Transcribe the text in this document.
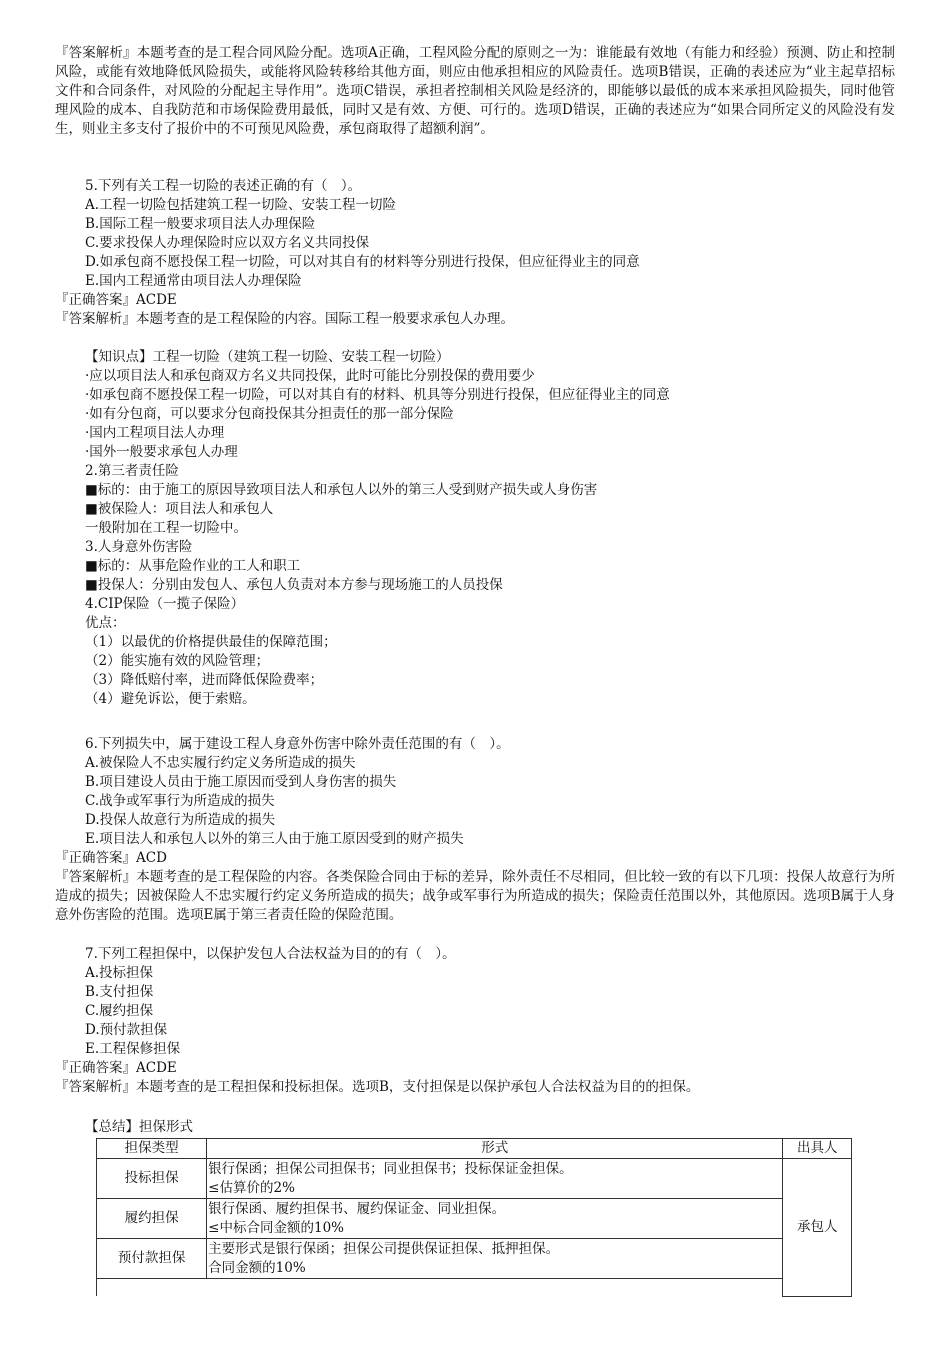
『答案解析』本题考查的是工程合同风险分配。选项A正确，工程风险分配的原则之一为：谁能最有效地（有能力和经验）预测、防止和控制风险，或能有效地降低风险损失，或能将风险转移给其他方面，则应由他承担相应的风险责任。选项B错误，正确的表述应为“业主起草招标文件和合同条件，对风险的分配起主导作用”。选项C错误，承担者控制相关风险是经济的，即能够以最低的成本来承担风险损失，同时他管理风险的成本、自我防范和市场保险费用最低，同时又是有效、方便、可行的。选项D错误，正确的表述应为“如果合同所定义的风险没有发生，则业主多支付了报价中的不可预见风险费，承包商取得了超额利润”。
5.下列有关工程一切险的表述正确的有（　）。
A.工程一切险包括建筑工程一切险、安装工程一切险
B.国际工程一般要求项目法人办理保险
C.要求投保人办理保险时应以双方名义共同投保
D.如承包商不愿投保工程一切险，可以对其自有的材料等分别进行投保，但应征得业主的同意
E.国内工程通常由项目法人办理保险
『正确答案』ACDE
『答案解析』本题考查的是工程保险的内容。国际工程一般要求承包人办理。
【知识点】工程一切险（建筑工程一切险、安装工程一切险）
·应以项目法人和承包商双方名义共同投保，此时可能比分别投保的费用要少
·如承包商不愿投保工程一切险，可以对其自有的材料、机具等分别进行投保，但应征得业主的同意
·如有分包商，可以要求分包商投保其分担责任的那一部分保险
·国内工程项目法人办理
·国外一般要求承包人办理
2.第三者责任险
■标的：由于施工的原因导致项目法人和承包人以外的第三人受到财产损失或人身伤害
■被保险人：项目法人和承包人
一般附加在工程一切险中。
3.人身意外伤害险
■标的：从事危险作业的工人和职工
■投保人：分别由发包人、承包人负责对本方参与现场施工的人员投保
4.CIP保险（一揽子保险）
优点：
（1）以最优的价格提供最佳的保障范围；
（2）能实施有效的风险管理；
（3）降低赔付率，进而降低保险费率；
（4）避免诉讼，便于索赔。
6.下列损失中，属于建设工程人身意外伤害中除外责任范围的有（　）。
A.被保险人不忠实履行约定义务所造成的损失
B.项目建设人员由于施工原因而受到人身伤害的损失
C.战争或军事行为所造成的损失
D.投保人故意行为所造成的损失
E.项目法人和承包人以外的第三人由于施工原因受到的财产损失
『正确答案』ACD
『答案解析』本题考查的是工程保险的内容。各类保险合同由于标的差异，除外责任不尽相同，但比较一致的有以下几项：投保人故意行为所造成的损失；因被保险人不忠实履行约定义务所造成的损失；战争或军事行为所造成的损失；保险责任范围以外，其他原因。选项B属于人身意外伤害险的范围。选项E属于第三者责任险的保险范围。
7.下列工程担保中，以保护发包人合法权益为目的的有（　）。
A.投标担保
B.支付担保
C.履约担保
D.预付款担保
E.工程保修担保
『正确答案』ACDE
『答案解析』本题考查的是工程担保和投标担保。选项B，支付担保是以保护承包人合法权益为目的的担保。
【总结】担保形式
担保类型	形式	出具人
投标担保	银行保函；担保公司担保书；同业担保书；投标保证金担保。
≤估算价的2%	承包人
履约担保	银行保函、履约担保书、履约保证金、同业担保。
≤中标合同金额的10%	

预付款担保	主要形式是银行保函；担保公司提供保证担保、抵押担保。
合同金额的10%	
